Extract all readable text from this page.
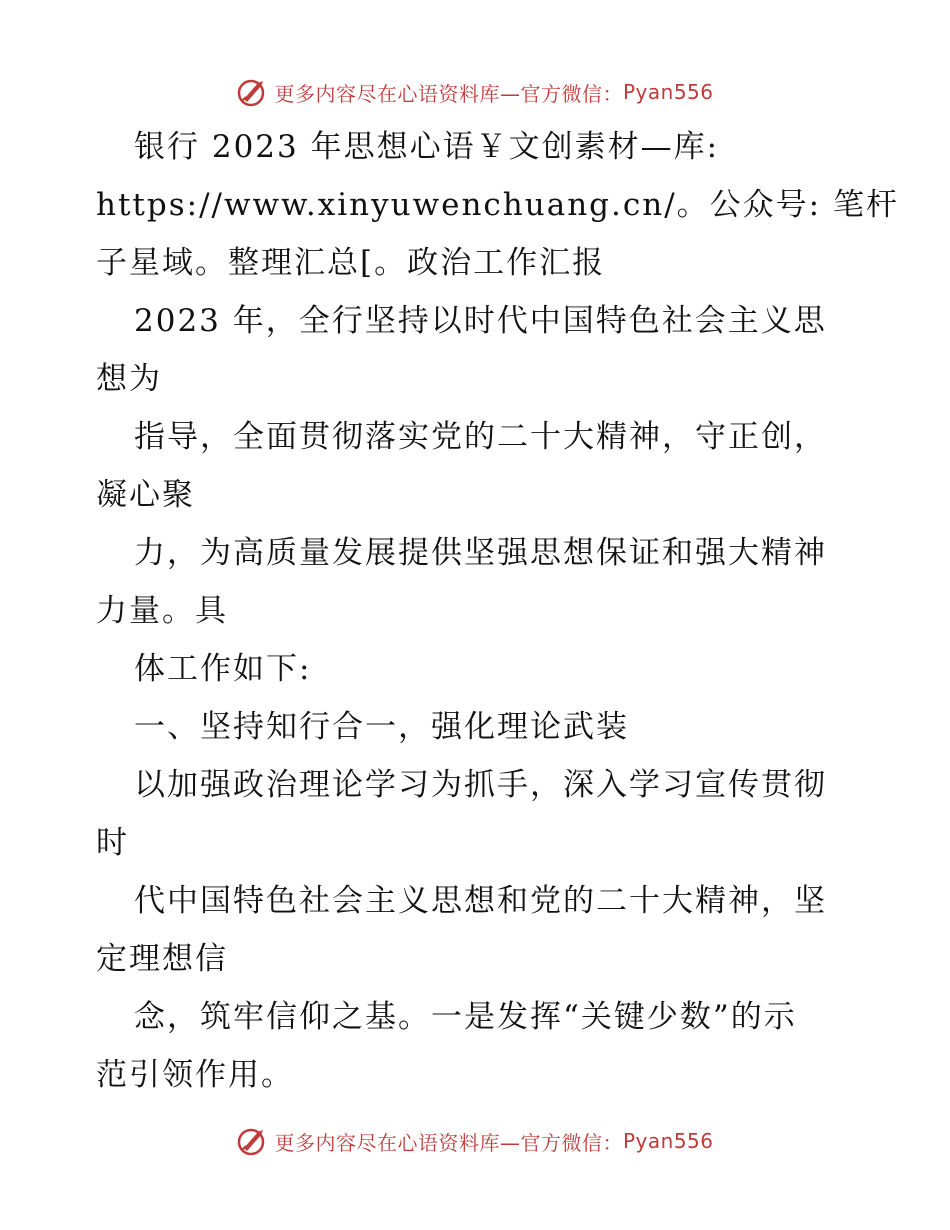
更多内容尽在心语资料库—官方微信： Pyan556
银行 2023 年思想心语￥文创素材—库:
https://www.xinyuwenchuang.cn/。公众号: 笔杆
子星域。整理汇总[。政治工作汇报
2023 年，全行坚持以时代中国特色社会主义思
想为
指导，全面贯彻落实党的二十大精神，守正创，
凝心聚
力，为高质量发展提供坚强思想保证和强大精神
力量。具
体工作如下:
一、坚持知行合一，强化理论武装
以加强政治理论学习为抓手，深入学习宣传贯彻
时
代中国特色社会主义思想和党的二十大精神，坚
定理想信
念，筑牢信仰之基。一是发挥“关键少数”的示
范引领作用。
更多内容尽在心语资料库—官方微信： Pyan556
